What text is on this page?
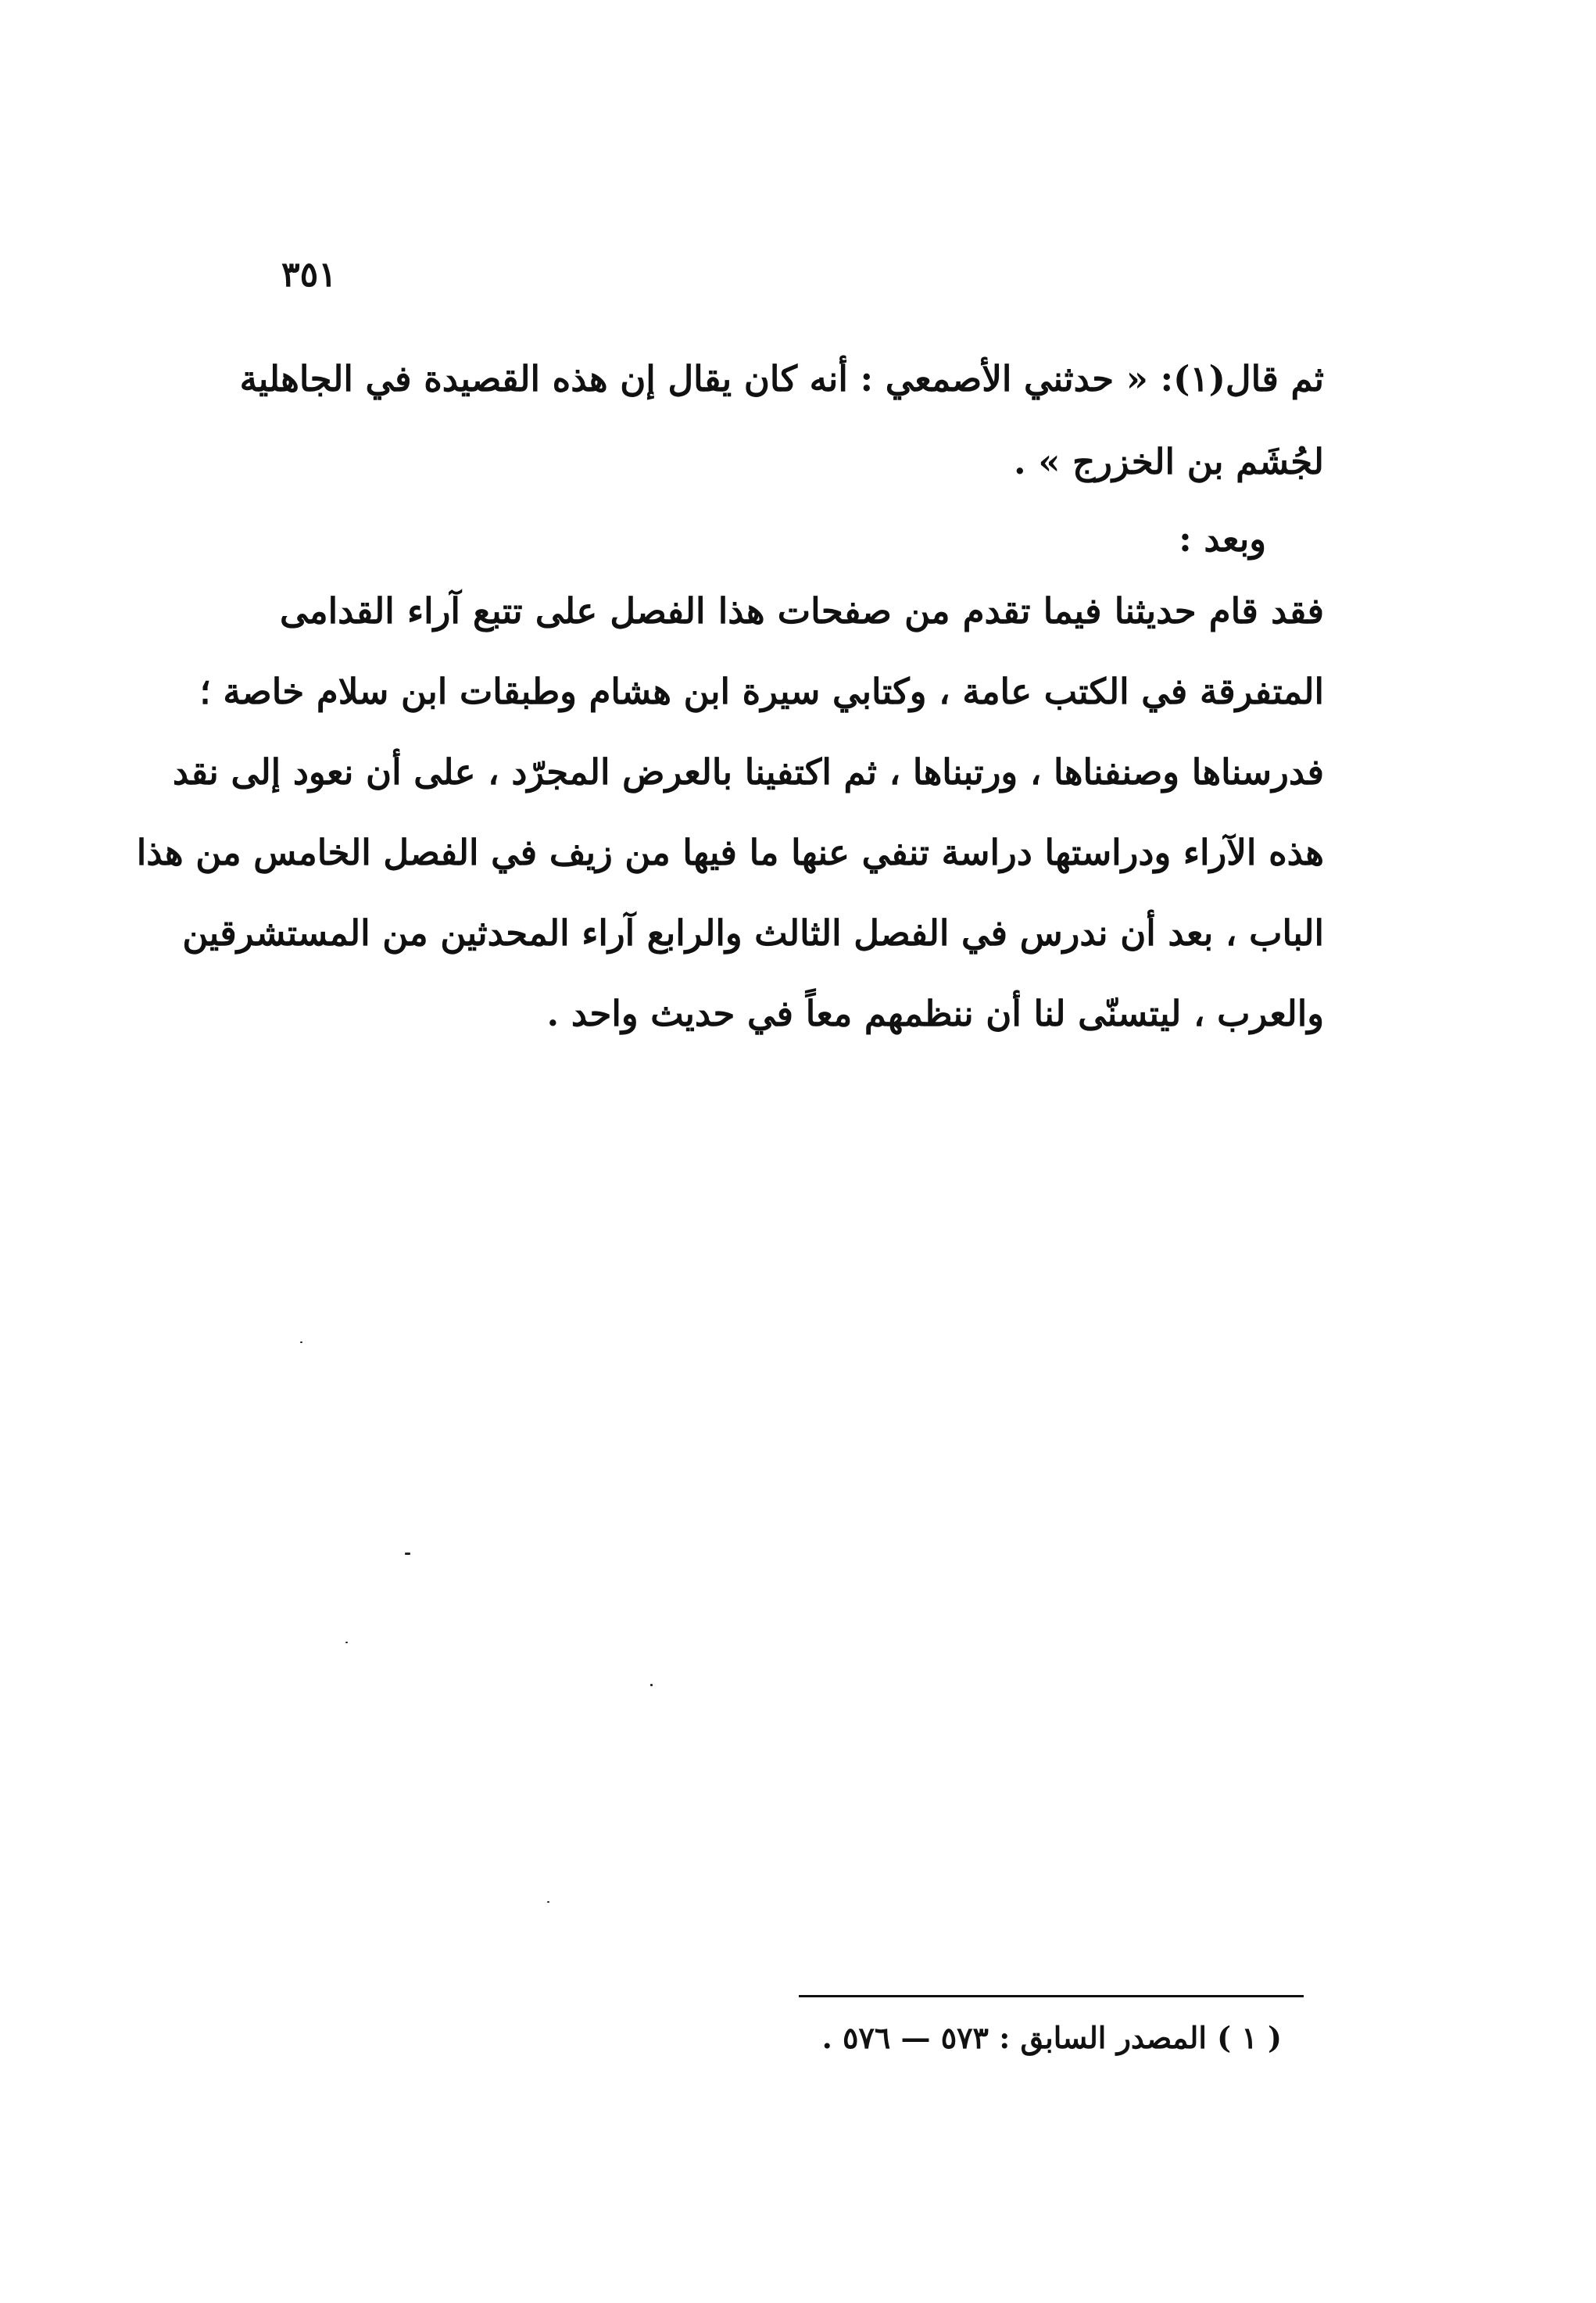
٣٥١
ثم قال(١): « حدثني الأصمعي : أنه كان يقال إن هذه القصيدة في الجاهلية
لجُشَم بن الخزرج » .
وبعد :
فقد قام حديثنا فيما تقدم من صفحات هذا الفصل على تتبع آراء القدامى
المتفرقة في الكتب عامة ، وكتابي سيرة ابن هشام وطبقات ابن سلام خاصة ؛
فدرسناها وصنفناها ، ورتبناها ، ثم اكتفينا بالعرض المجرّد ، على أن نعود إلى نقد
هذه الآراء ودراستها دراسة تنفي عنها ما فيها من زيف في الفصل الخامس من هذا
الباب ، بعد أن ندرس في الفصل الثالث والرابع آراء المحدثين من المستشرقين
والعرب ، ليتسنّى لنا أن ننظمهم معاً في حديث واحد .
( ١ ) المصدر السابق : ٥٧٣ — ٥٧٦ .
